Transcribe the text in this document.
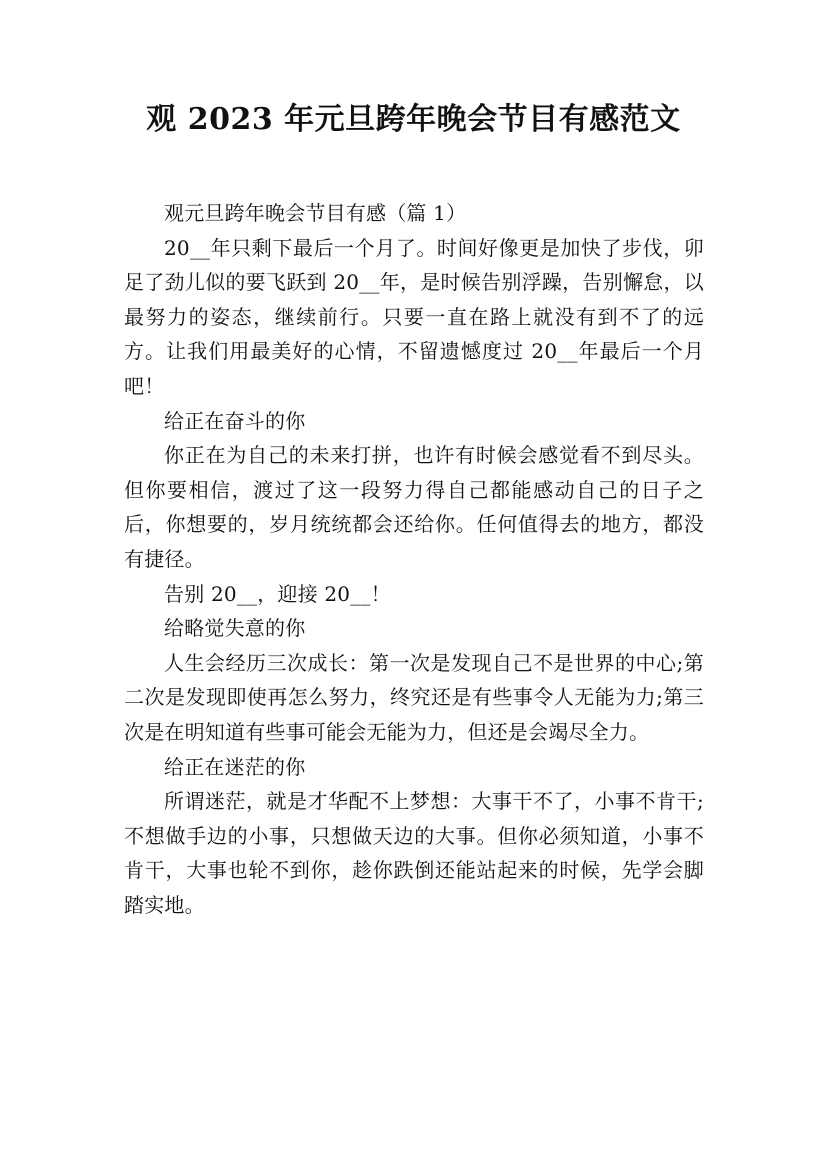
观 2023 年元旦跨年晚会节目有感范文

观元旦跨年晚会节目有感（篇 1）

20__年只剩下最后一个月了。时间好像更是加快了步伐，卯足了劲儿似的要飞跃到 20__年，是时候告别浮躁，告别懈怠，以最努力的姿态，继续前行。只要一直在路上就没有到不了的远方。让我们用最美好的心情，不留遗憾度过 20__年最后一个月吧！

给正在奋斗的你

你正在为自己的未来打拼，也许有时候会感觉看不到尽头。但你要相信，渡过了这一段努力得自己都能感动自己的日子之后，你想要的，岁月统统都会还给你。任何值得去的地方，都没有捷径。

告别 20__，迎接 20__！

给略觉失意的你

人生会经历三次成长：第一次是发现自己不是世界的中心;第二次是发现即使再怎么努力，终究还是有些事令人无能为力;第三次是在明知道有些事可能会无能为力，但还是会竭尽全力。

给正在迷茫的你

所谓迷茫，就是才华配不上梦想：大事干不了，小事不肯干;不想做手边的小事，只想做天边的大事。但你必须知道，小事不肯干，大事也轮不到你，趁你跌倒还能站起来的时候，先学会脚踏实地。
